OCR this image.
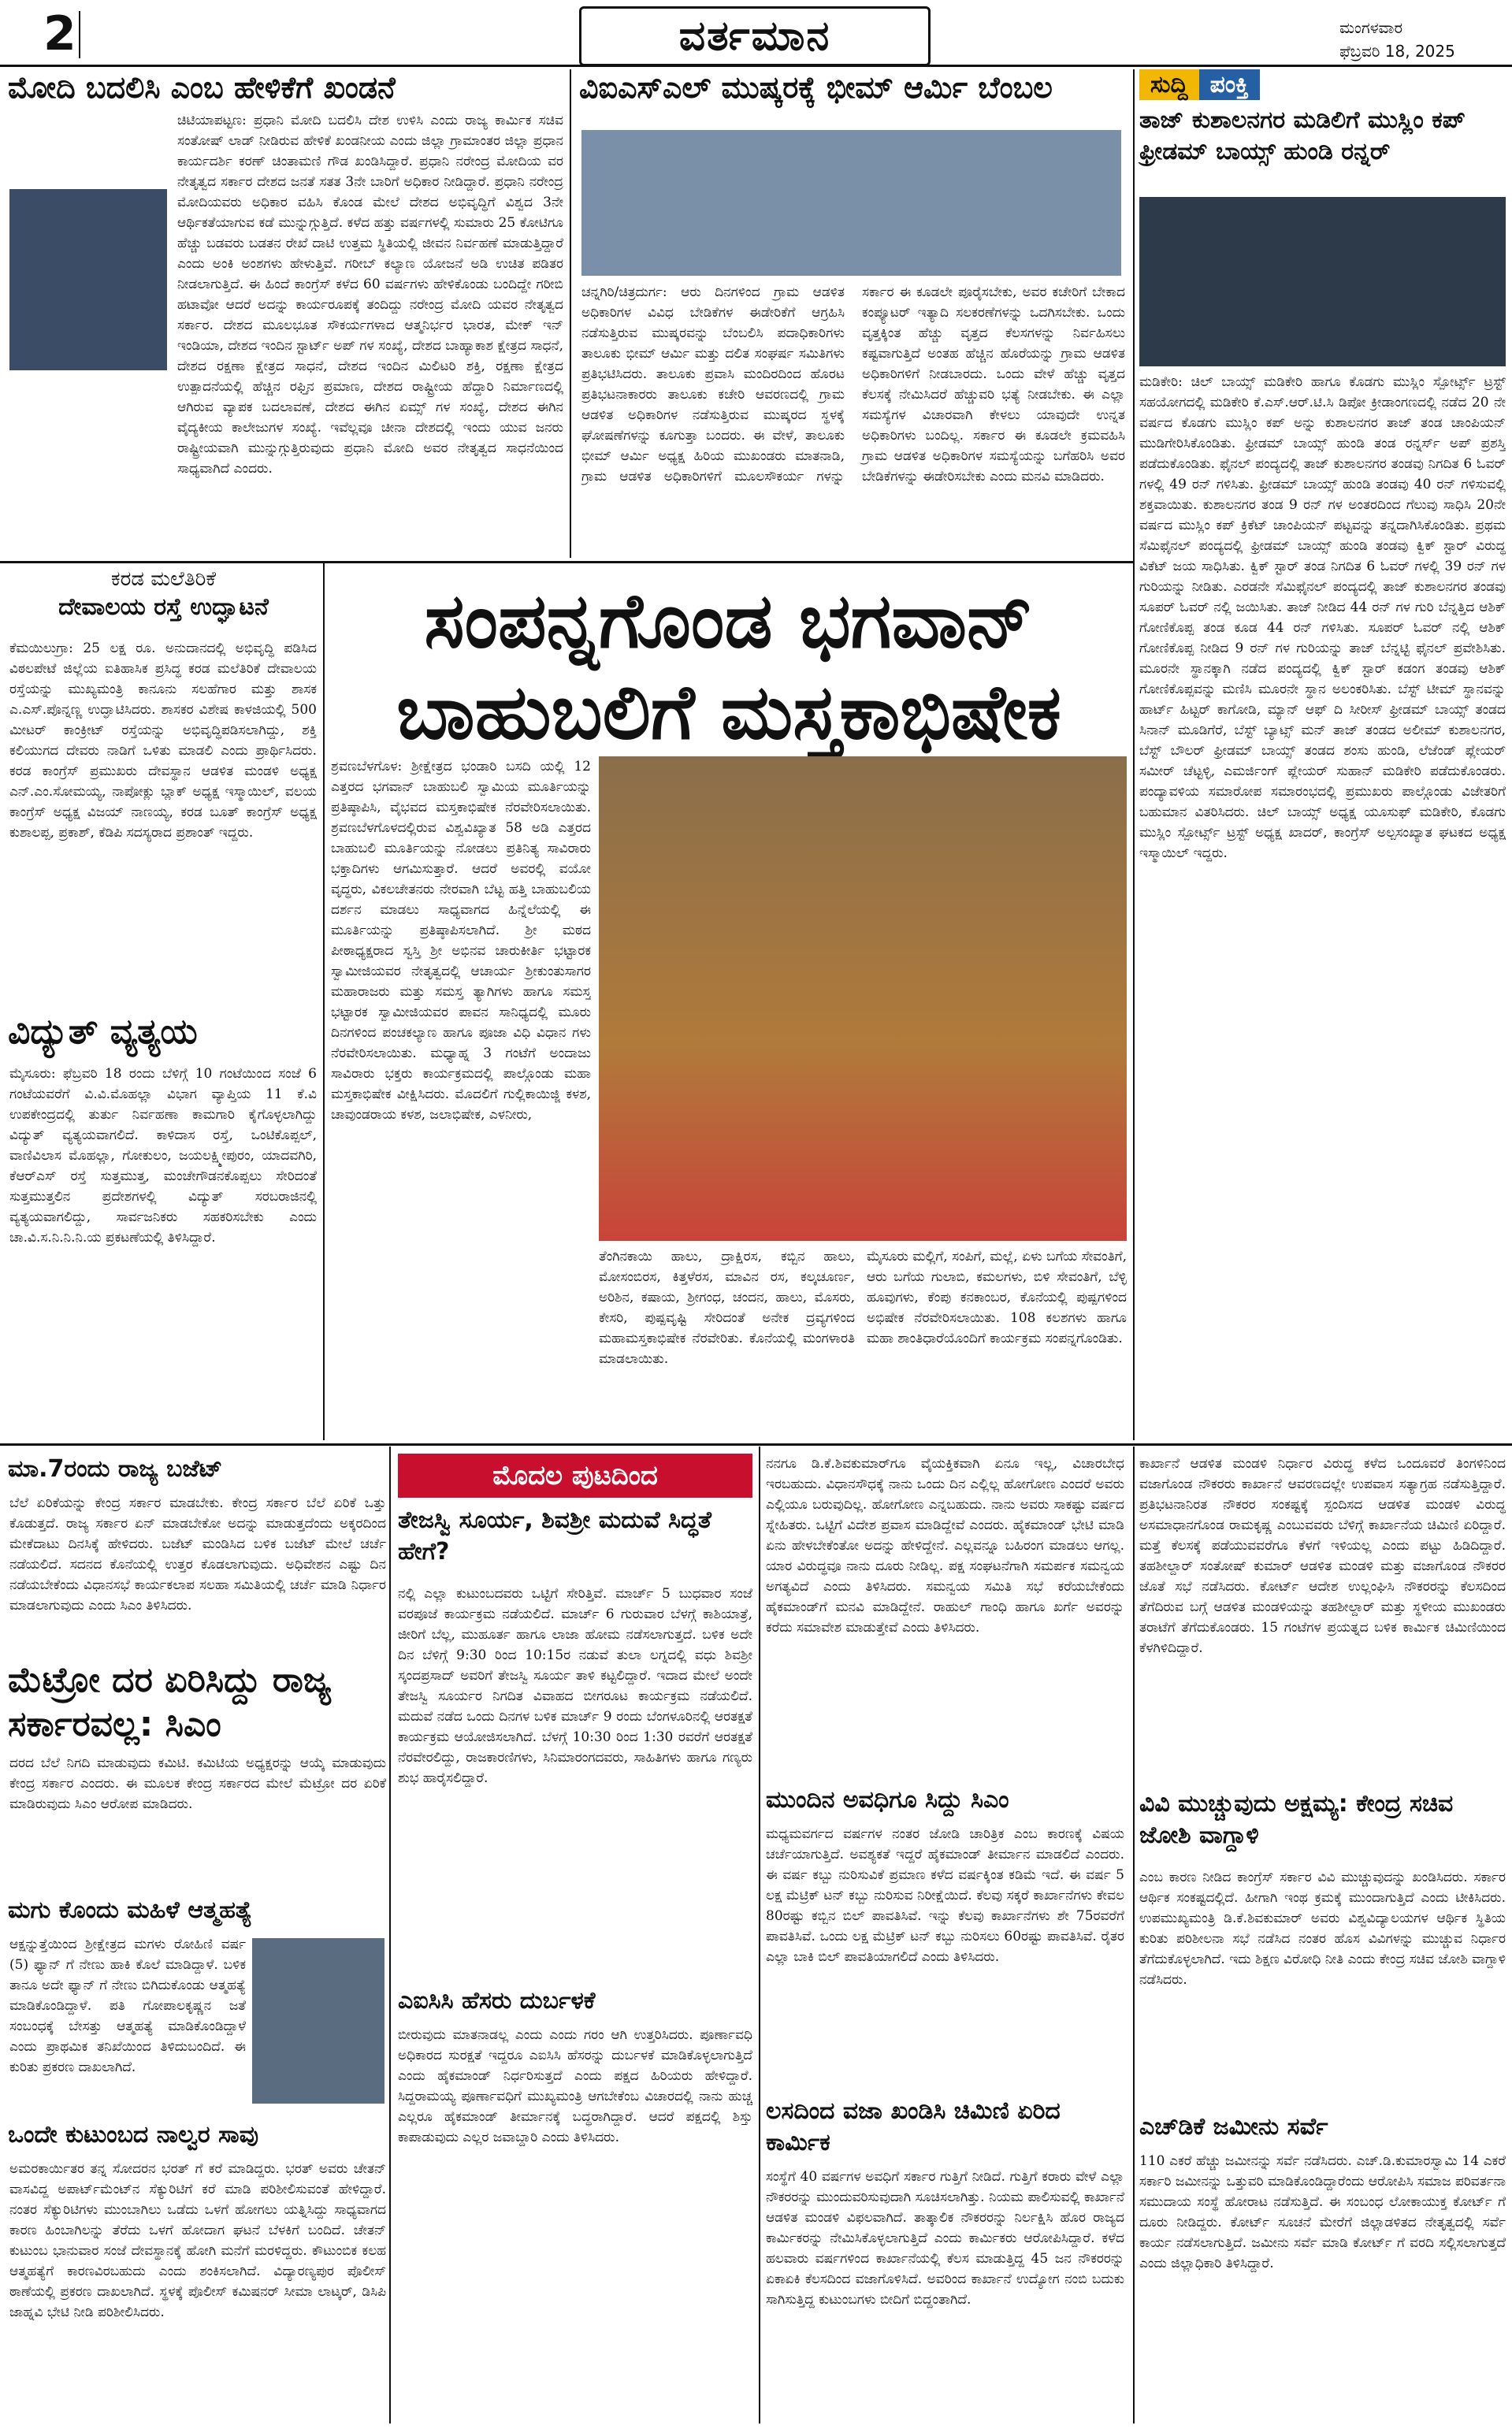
2	ವರ್ತಮಾನ	ಮಂಗಳವಾರ
ಫೆಬ್ರವರಿ 18, 2025
ಮೋದಿ ಬದಲಿಸಿ ಎಂಬ ಹೇಳಿಕೆಗೆ ಖಂಡನೆ
ಚಿಟಿಯಾಪಟ್ಟಣ: ಪ್ರಧಾನಿ ಮೋದಿ ಬದಲಿಸಿ ದೇಶ ಉಳಿಸಿ ಎಂದು ರಾಜ್ಯ ಕಾರ್ಮಿಕ ಸಚಿವ ಸಂತೋಷ್ ಲಾಡ್ ನೀಡಿರುವ ಹೇಳಿಕೆ ಖಂಡನೀಯ ಎಂದು ಜಿಲ್ಲಾ ಗ್ರಾಮಾಂತರ ಜಿಲ್ಲಾ ಪ್ರಧಾನ ಕಾರ್ಯದರ್ಶಿ ಕರಣ್ ಚಿಂತಾಮಣಿ ಗೌಡ ಖಂಡಿಸಿದ್ದಾರೆ. ಪ್ರಧಾನಿ ನರೇಂದ್ರ ಮೋದಿಯ ವರ ನೇತೃತ್ವದ ಸರ್ಕಾರ ದೇಶದ ಜನತೆ ಸತತ 3ನೇ ಬಾರಿಗೆ ಅಧಿಕಾರ ನೀಡಿದ್ದಾರೆ. ಪ್ರಧಾನಿ ನರೇಂದ್ರ ಮೋದಿಯವರು ಅಧಿಕಾರ ವಹಿಸಿ ಕೊಂಡ ಮೇಲೆ ದೇಶದ ಅಭಿವೃದ್ಧಿಗೆ ವಿಶ್ವದ 3ನೇ ಆರ್ಥಿಕತೆಯಾಗುವ ಕಡೆ ಮುನ್ನುಗ್ಗುತ್ತಿದೆ. ಕಳೆದ ಹತ್ತು ವರ್ಷಗಳಲ್ಲಿ ಸುಮಾರು 25 ಕೋಟಿಗೂ ಹೆಚ್ಚು ಬಡವರು ಬಡತನ ರೇಖೆ ದಾಟಿ ಉತ್ತಮ ಸ್ಥಿತಿಯಲ್ಲಿ ಜೀವನ ನಿರ್ವಹಣೆ ಮಾಡುತ್ತಿದ್ದಾರೆ ಎಂದು ಅಂಕಿ ಅಂಶಗಳು ಹೇಳುತ್ತಿವೆ. ಗರೀಬ್ ಕಲ್ಯಾಣ ಯೋಜನೆ ಅಡಿ ಉಚಿತ ಪಡಿತರ ನೀಡಲಾಗುತ್ತಿದೆ. ಈ ಹಿಂದೆ ಕಾಂಗ್ರೆಸ್ ಕಳೆದ 60 ವರ್ಷಗಳು ಹೇಳಿಕೊಂಡು ಬಂದಿದ್ದೇ ಗರೀಬಿ ಹಟಾವೋ ಆದರೆ ಅದನ್ನು ಕಾರ್ಯರೂಪಕ್ಕೆ ತಂದಿದ್ದು ನರೇಂದ್ರ ಮೋದಿ ಯವರ ನೇತೃತ್ವದ ಸರ್ಕಾರ. ದೇಶದ ಮೂಲಭೂತ ಸೌಕರ್ಯಗಳಾದ ಆತ್ಮನಿರ್ಭರ ಭಾರತ, ಮೇಕ್ ಇನ್ ಇಂಡಿಯಾ, ದೇಶದ ಇಂದಿನ ಸ್ಟಾರ್ಟ್ ಅಪ್ ಗಳ ಸಂಖ್ಯೆ, ದೇಶದ ಬಾಹ್ಯಾಕಾಶ ಕ್ಷೇತ್ರದ ಸಾಧನೆ, ದೇಶದ ರಕ್ಷಣಾ ಕ್ಷೇತ್ರದ ಸಾಧನೆ, ದೇಶದ ಇಂದಿನ ಮಿಲಿಟರಿ ಶಕ್ತಿ, ರಕ್ಷಣಾ ಕ್ಷೇತ್ರದ ಉತ್ಪಾದನೆಯಲ್ಲಿ ಹೆಚ್ಚಿನ ರಫ್ತಿನ ಪ್ರಮಾಣ, ದೇಶದ ರಾಷ್ಟ್ರೀಯ ಹೆದ್ದಾರಿ ನಿರ್ಮಾಣದಲ್ಲಿ ಆಗಿರುವ ವ್ಯಾಪಕ ಬದಲಾವಣೆ, ದೇಶದ ಈಗಿನ ಏಮ್ಸ್ ಗಳ ಸಂಖ್ಯೆ, ದೇಶದ ಈಗಿನ ವೈದ್ಯಕೀಯ ಕಾಲೇಜುಗಳ ಸಂಖ್ಯೆ. ಇವೆಲ್ಲವೂ ಚೀನಾ ದೇಶದಲ್ಲಿ ಇಂದು ಯುವ ಜನರು ರಾಷ್ಟ್ರೀಯವಾಗಿ ಮುನ್ನುಗ್ಗುತ್ತಿರುವುದು ಪ್ರಧಾನಿ ಮೋದಿ ಅವರ ನೇತೃತ್ವದ ಸಾಧನೆಯಿಂದ ಸಾಧ್ಯವಾಗಿದೆ ಎಂದರು.
ವಿಐಎಸ್‌ಎಲ್ ಮುಷ್ಕರಕ್ಕೆ ಭೀಮ್ ಆರ್ಮಿ ಬೆಂಬಲ
ಚನ್ನಗಿರಿ/ಚಿತ್ರದುರ್ಗ: ಆರು ದಿನಗಳಿಂದ ಗ್ರಾಮ ಆಡಳಿತ ಅಧಿಕಾರಿಗಳ ವಿವಿಧ ಬೇಡಿಕೆಗಳ ಈಡೇರಿಕೆಗೆ ಆಗ್ರಹಿಸಿ ನಡೆಸುತ್ತಿರುವ ಮುಷ್ಕರವನ್ನು ಬೆಂಬಲಿಸಿ ಪದಾಧಿಕಾರಿಗಳು ತಾಲೂಕು ಭೀಮ್ ಆರ್ಮಿ ಮತ್ತು ದಲಿತ ಸಂಘರ್ಷ ಸಮಿತಿಗಳು ಪ್ರತಿಭಟಿಸಿದರು. ತಾಲೂಕು ಪ್ರವಾಸಿ ಮಂದಿರದಿಂದ ಹೊರಟ ಪ್ರತಿಭಟನಾಕಾರರು ತಾಲೂಕು ಕಚೇರಿ ಆವರಣದಲ್ಲಿ ಗ್ರಾಮ ಆಡಳಿತ ಅಧಿಕಾರಿಗಳ ನಡೆಸುತ್ತಿರುವ ಮುಷ್ಕರದ ಸ್ಥಳಕ್ಕೆ ಘೋಷಣೆಗಳನ್ನು ಕೂಗುತ್ತಾ ಬಂದರು. ಈ ವೇಳೆ, ತಾಲೂಕು ಭೀಮ್ ಆರ್ಮಿ ಅಧ್ಯಕ್ಷ ಹಿರಿಯ ಮುಖಂಡರು ಮಾತನಾಡಿ, ಗ್ರಾಮ ಆಡಳಿತ ಅಧಿಕಾರಿಗಳಿಗೆ ಮೂಲಸೌಕರ್ಯ ಗಳನ್ನು ಸರ್ಕಾರ ಈ ಕೂಡಲೇ ಪೂರೈಸಬೇಕು, ಅವರ ಕಚೇರಿಗೆ ಬೇಕಾದ ಕಂಪ್ಯೂಟರ್ ಇತ್ಯಾದಿ ಸಲಕರಣೆಗಳನ್ನು ಒದಗಿಸಬೇಕು. ಒಂದು ವೃತ್ತಕ್ಕಿಂತ ಹೆಚ್ಚು ವೃತ್ತದ ಕೆಲಸಗಳನ್ನು ನಿರ್ವಹಿಸಲು ಕಷ್ಟವಾಗುತ್ತಿದೆ ಅಂತಹ ಹೆಚ್ಚಿನ ಹೊರೆಯನ್ನು ಗ್ರಾಮ ಆಡಳಿತ ಅಧಿಕಾರಿಗಳಿಗೆ ನೀಡಬಾರದು. ಒಂದು ವೇಳೆ ಹೆಚ್ಚು ವೃತ್ತದ ಕೆಲಸಕ್ಕೆ ನೇಮಿಸಿದರೆ ಹೆಚ್ಚುವರಿ ಭತ್ಯೆ ನೀಡಬೇಕು. ಈ ಎಲ್ಲಾ ಸಮಸ್ಯೆಗಳ ವಿಚಾರವಾಗಿ ಕೇಳಲು ಯಾವುದೇ ಉನ್ನತ ಅಧಿಕಾರಿಗಳು ಬಂದಿಲ್ಲ. ಸರ್ಕಾರ ಈ ಕೂಡಲೇ ಕ್ರಮವಹಿಸಿ ಗ್ರಾಮ ಆಡಳಿತ ಅಧಿಕಾರಿಗಳ ಸಮಸ್ಯೆಯನ್ನು ಬಗೆಹರಿಸಿ ಅವರ ಬೇಡಿಕೆಗಳನ್ನು ಈಡೇರಿಸಬೇಕು ಎಂದು ಮನವಿ ಮಾಡಿದರು.
ಸುದ್ದಿ ಪಂಕ್ತಿ
ತಾಜ್ ಕುಶಾಲನಗರ ಮಡಿಲಿಗೆ ಮುಸ್ಲಿಂ ಕಪ್ ಫ್ರೀಡಮ್ ಬಾಯ್ಸ್ ಹುಂಡಿ ರನ್ನರ್
ಮಡಿಕೇರಿ: ಚಿಲ್ ಬಾಯ್ಸ್ ಮಡಿಕೇರಿ ಹಾಗೂ ಕೊಡಗು ಮುಸ್ಲಿಂ ಸ್ಪೋರ್ಟ್ಸ್ ಟ್ರಸ್ಟ್ ಸಹಯೋಗದಲ್ಲಿ ಮಡಿಕೇರಿ ಕೆ.ಎಸ್.ಆರ್.ಟಿ.ಸಿ ಡಿಪೋ ಕ್ರೀಡಾಂಗಣದಲ್ಲಿ ನಡೆದ 20 ನೇ ವರ್ಷದ ಕೊಡಗು ಮುಸ್ಲಿಂ ಕಪ್ ಅನ್ನು ಕುಶಾಲನಗರ ತಾಜ್ ತಂಡ ಚಾಂಪಿಯನ್ ಮುಡಿಗೇರಿಸಿಕೊಂಡಿತು. ಫ್ರೀಡಮ್ ಬಾಯ್ಸ್ ಹುಂಡಿ ತಂಡ ರನ್ನರ್ಸ್ ಅಪ್ ಪ್ರಶಸ್ತಿ ಪಡೆದುಕೊಂಡಿತು. ಫೈನಲ್ ಪಂದ್ಯದಲ್ಲಿ ತಾಜ್ ಕುಶಾಲನಗರ ತಂಡವು ನಿಗದಿತ 6 ಓವರ್ ಗಳಲ್ಲಿ 49 ರನ್ ಗಳಿಸಿತು. ಫ್ರೀಡಮ್ ಬಾಯ್ಸ್ ಹುಂಡಿ ತಂಡವು 40 ರನ್ ಗಳಿಸುವಲ್ಲಿ ಶಕ್ತವಾಯಿತು. ಕುಶಾಲನಗರ ತಂಡ 9 ರನ್ ಗಳ ಅಂತರದಿಂದ ಗೆಲುವು ಸಾಧಿಸಿ 20ನೇ ವರ್ಷದ ಮುಸ್ಲಿಂ ಕಪ್ ಕ್ರಿಕೆಟ್ ಚಾಂಪಿಯನ್ ಪಟ್ಟವನ್ನು ತನ್ನದಾಗಿಸಿಕೊಂಡಿತು. ಪ್ರಥಮ ಸೆಮಿಫೈನಲ್ ಪಂದ್ಯದಲ್ಲಿ ಫ್ರೀಡಮ್ ಬಾಯ್ಸ್ ಹುಂಡಿ ತಂಡವು ಕ್ವಿಕ್ ಸ್ಟಾರ್ ವಿರುದ್ಧ ವಿಕೆಟ್ ಜಯ ಸಾಧಿಸಿತು. ಕ್ವಿಕ್ ಸ್ಟಾರ್ ತಂಡ ನಿಗದಿತ 6 ಓವರ್ ಗಳಲ್ಲಿ 39 ರನ್ ಗಳ ಗುರಿಯನ್ನು ನೀಡಿತು. ಎರಡನೇ ಸೆಮಿಫೈನಲ್ ಪಂದ್ಯದಲ್ಲಿ ತಾಜ್ ಕುಶಾಲನಗರ ತಂಡವು ಸೂಪರ್ ಓವರ್ ನಲ್ಲಿ ಜಯಿಸಿತು. ತಾಜ್ ನೀಡಿದ 44 ರನ್ ಗಳ ಗುರಿ ಬೆನ್ನತ್ತಿದ ಆಶಿಕ್ ಗೋಣಿಕೊಪ್ಪ ತಂಡ ಕೂಡ 44 ರನ್ ಗಳಿಸಿತು. ಸೂಪರ್ ಓವರ್ ನಲ್ಲಿ ಆಶಿಕ್ ಗೋಣಿಕೊಪ್ಪ ನೀಡಿದ 9 ರನ್ ಗಳ ಗುರಿಯನ್ನು ತಾಜ್ ಬೆನ್ನಟ್ಟಿ ಫೈನಲ್ ಪ್ರವೇಶಿಸಿತು. ಮೂರನೇ ಸ್ಥಾನಕ್ಕಾಗಿ ನಡೆದ ಪಂದ್ಯದಲ್ಲಿ ಕ್ವಿಕ್ ಸ್ಟಾರ್ ಕಡಂಗ ತಂಡವು ಆಶಿಕ್ ಗೋಣಿಕೊಪ್ಪವನ್ನು ಮಣಿಸಿ ಮೂರನೇ ಸ್ಥಾನ ಅಲಂಕರಿಸಿತು. ಬೆಸ್ಟ್ ಟೀಮ್ ಸ್ಥಾನವನ್ನು ಹಾರ್ಟ್ ಹಿಟ್ಟರ್ ಕಾಗೋಡಿ, ಮ್ಯಾನ್ ಆಫ್ ದಿ ಸೀರೀಸ್ ಫ್ರೀಡಮ್ ಬಾಯ್ಸ್ ತಂಡದ ಸಿನಾನ್ ಮೂಡಿಗೆರೆ, ಬೆಸ್ಟ್ ಬ್ಯಾಟ್ಸ್ ಮನ್ ತಾಜ್ ತಂಡದ ಅಲೀಮ್ ಕುಶಾಲನಗರ, ಬೆಸ್ಟ್ ಬೌಲರ್ ಫ್ರೀಡಮ್ ಬಾಯ್ಸ್ ತಂಡದ ಶಂಸು ಹುಂಡಿ, ಲೆಜೆಂಡ್ ಪ್ಲೇಯರ್ ಸಮೀರ್ ಚೆಟ್ಟಳ್ಳಿ, ಎಮರ್ಜಿಂಗ್ ಪ್ಲೇಯರ್ ಸುಹಾನ್ ಮಡಿಕೇರಿ ಪಡೆದುಕೊಂಡರು. ಪಂದ್ಯಾವಳಿಯ ಸಮಾರೋಪ ಸಮಾರಂಭದಲ್ಲಿ ಪ್ರಮುಖರು ಪಾಲ್ಗೊಂಡು ವಿಜೇತರಿಗೆ ಬಹುಮಾನ ವಿತರಿಸಿದರು. ಚಿಲ್ ಬಾಯ್ಸ್ ಅಧ್ಯಕ್ಷ ಯೂಸುಫ್ ಮಡಿಕೇರಿ, ಕೊಡಗು ಮುಸ್ಲಿಂ ಸ್ಪೋರ್ಟ್ಸ್ ಟ್ರಸ್ಟ್ ಅಧ್ಯಕ್ಷ ಖಾದರ್, ಕಾಂಗ್ರೆಸ್ ಅಲ್ಪಸಂಖ್ಯಾತ ಘಟಕದ ಅಧ್ಯಕ್ಷ ಇಸ್ಮಾಯಿಲ್ ಇದ್ದರು.
ಕರಡ ಮಲೆತಿರಿಕೆ
ದೇವಾಲಯ ರಸ್ತೆ ಉದ್ಘಾಟನೆ
ಕೆಮಯಿಲುಗ್ರಾ: 25 ಲಕ್ಷ ರೂ. ಅನುದಾನದಲ್ಲಿ ಅಭಿವೃದ್ಧಿ ಪಡಿಸಿದ ವಿಠಲಪೇಟೆ ಜಿಲ್ಲೆಯ ಐತಿಹಾಸಿಕ ಪ್ರಸಿದ್ಧ ಕರಡ ಮಲೆತಿರಿಕೆ ದೇವಾಲಯ ರಸ್ತೆಯನ್ನು ಮುಖ್ಯಮಂತ್ರಿ ಕಾನೂನು ಸಲಹೆಗಾರ ಮತ್ತು ಶಾಸಕ ಎ.ಎಸ್.ಪೊನ್ನಣ್ಣ ಉದ್ಘಾಟಿಸಿದರು. ಶಾಸಕರ ವಿಶೇಷ ಕಾಳಜಿಯಲ್ಲಿ 500 ಮೀಟರ್ ಕಾಂಕ್ರೀಟ್ ರಸ್ತೆಯನ್ನು ಅಭಿವೃದ್ಧಿಪಡಿಸಲಾಗಿದ್ದು, ಶಕ್ತಿ ಕಲಿಯುಗದ ದೇವರು ನಾಡಿಗೆ ಒಳಿತು ಮಾಡಲಿ ಎಂದು ಪ್ರಾರ್ಥಿಸಿದರು. ಕರಡ ಕಾಂಗ್ರೆಸ್ ಪ್ರಮುಖರು ದೇವಸ್ಥಾನ ಆಡಳಿತ ಮಂಡಳಿ ಅಧ್ಯಕ್ಷ ಎನ್.ಎಂ.ಸೋಮಯ್ಯ, ನಾಪೋಕ್ಲು ಬ್ಲಾಕ್ ಅಧ್ಯಕ್ಷ ಇಸ್ಮಾಯಿಲ್, ವಲಯ ಕಾಂಗ್ರೆಸ್ ಅಧ್ಯಕ್ಷ ವಿಜಯ್ ನಾಣಯ್ಯ, ಕರಡ ಬೂತ್ ಕಾಂಗ್ರೆಸ್ ಅಧ್ಯಕ್ಷ ಕುಶಾಲಪ್ಪ, ಪ್ರಕಾಶ್, ಕೆಡಿಪಿ ಸದಸ್ಯರಾದ ಪ್ರಶಾಂತ್ ಇದ್ದರು.
ವಿದ್ಯುತ್ ವ್ಯತ್ಯಯ
ಮೈಸೂರು: ಫೆಬ್ರವರಿ 18 ರಂದು ಬೆಳಿಗ್ಗೆ 10 ಗಂಟೆಯಿಂದ ಸಂಜೆ 6 ಗಂಟೆಯವರೆಗೆ ವಿ.ವಿ.ಮೊಹಲ್ಲಾ ವಿಭಾಗ ವ್ಯಾಪ್ತಿಯ 11 ಕೆ.ವಿ ಉಪಕೇಂದ್ರದಲ್ಲಿ ತುರ್ತು ನಿರ್ವಹಣಾ ಕಾಮಗಾರಿ ಕೈಗೊಳ್ಳಲಾಗಿದ್ದು ವಿದ್ಯುತ್ ವ್ಯತ್ಯಯವಾಗಲಿದೆ. ಕಾಳಿದಾಸ ರಸ್ತೆ, ಒಂಟಿಕೊಪ್ಪಲ್, ವಾಣಿವಿಲಾಸ ಮೊಹಲ್ಲಾ, ಗೋಕುಲಂ, ಜಯಲಕ್ಷ್ಮೀಪುರಂ, ಯಾದವಗಿರಿ, ಕೆಆರ್‌ಎಸ್ ರಸ್ತೆ ಸುತ್ತಮುತ್ತ, ಮಂಚೇಗೌಡನಕೊಪ್ಪಲು ಸೇರಿದಂತೆ ಸುತ್ತಮುತ್ತಲಿನ ಪ್ರದೇಶಗಳಲ್ಲಿ ವಿದ್ಯುತ್ ಸರಬರಾಜಿನಲ್ಲಿ ವ್ಯತ್ಯಯವಾಗಲಿದ್ದು, ಸಾರ್ವಜನಿಕರು ಸಹಕರಿಸಬೇಕು ಎಂದು ಚಾ.ವಿ.ಸ.ನಿ.ನಿ.ನಿ.ಯ ಪ್ರಕಟಣೆಯಲ್ಲಿ ತಿಳಿಸಿದ್ದಾರೆ.
ಸಂಪನ್ನಗೊಂಡ ಭಗವಾನ್ ಬಾಹುಬಲಿಗೆ ಮಸ್ತಕಾಭಿಷೇಕ
ಶ್ರವಣಬೆಳಗೊಳ: ಶ್ರೀಕ್ಷೇತ್ರದ ಭಂಡಾರಿ ಬಸದಿ ಯಲ್ಲಿ 12 ಎತ್ತರದ ಭಗವಾನ್ ಬಾಹುಬಲಿ ಸ್ವಾಮಿಯ ಮೂರ್ತಿಯನ್ನು ಪ್ರತಿಷ್ಠಾಪಿಸಿ, ವೈಭವದ ಮಸ್ತಕಾಭಿಷೇಕ ನೆರವೇರಿಸಲಾಯಿತು. ಶ್ರವಣಬೆಳಗೊಳದಲ್ಲಿರುವ ವಿಶ್ವವಿಖ್ಯಾತ 58 ಅಡಿ ಎತ್ತರದ ಬಾಹುಬಲಿ ಮೂರ್ತಿಯನ್ನು ನೋಡಲು ಪ್ರತಿನಿತ್ಯ ಸಾವಿರಾರು ಭಕ್ತಾದಿಗಳು ಆಗಮಿಸುತ್ತಾರೆ. ಆದರೆ ಅವರಲ್ಲಿ ವಯೋ ವೃದ್ಧರು, ವಿಕಲಚೇತನರು ನೇರವಾಗಿ ಬೆಟ್ಟ ಹತ್ತಿ ಬಾಹುಬಲಿಯ ದರ್ಶನ ಮಾಡಲು ಸಾಧ್ಯವಾಗದ ಹಿನ್ನೆಲೆಯಲ್ಲಿ ಈ ಮೂರ್ತಿಯನ್ನು ಪ್ರತಿಷ್ಠಾಪಿಸಲಾಗಿದೆ. ಶ್ರೀ ಮಠದ ಪೀಠಾಧ್ಯಕ್ಷರಾದ ಸ್ವಸ್ತಿ ಶ್ರೀ ಅಭಿನವ ಚಾರುಕೀರ್ತಿ ಭಟ್ಟಾರಕ ಸ್ವಾಮೀಜಿಯವರ ನೇತೃತ್ವದಲ್ಲಿ ಆಚಾರ್ಯ ಶ್ರೀಕುಂತುಸಾಗರ ಮಹಾರಾಜರು ಮತ್ತು ಸಮಸ್ತ ತ್ಯಾಗಿಗಳು ಹಾಗೂ ಸಮಸ್ತ ಭಟ್ಟಾರಕ ಸ್ವಾಮೀಜಿಯವರ ಪಾವನ ಸಾನಿಧ್ಯದಲ್ಲಿ ಮೂರು ದಿನಗಳಿಂದ ಪಂಚಕಲ್ಯಾಣ ಹಾಗೂ ಪೂಜಾ ವಿಧಿ ವಿಧಾನ ಗಳು ನೆರವೇರಿಸಲಾಯಿತು. ಮಧ್ಯಾಹ್ನ 3 ಗಂಟೆಗೆ ಅಂದಾಜು ಸಾವಿರಾರು ಭಕ್ತರು ಕಾರ್ಯಕ್ರಮದಲ್ಲಿ ಪಾಲ್ಗೊಂಡು ಮಹಾ ಮಸ್ತಕಾಭಿಷೇಕ ವೀಕ್ಷಿಸಿದರು. ಮೊದಲಿಗೆ ಗುಲ್ಲಿಕಾಯಿಜ್ಜಿ ಕಳಶ, ಚಾವುಂಡರಾಯ ಕಳಶ, ಜಲಾಭಿಷೇಕ, ಎಳನೀರು,
ತೆಂಗಿನಕಾಯಿ ಹಾಲು, ದ್ರಾಕ್ಷಿರಸ, ಕಬ್ಬಿನ ಹಾಲು, ಮೋಸಂಬಿರಸ, ಕಿತ್ತಳೆರಸ, ಮಾವಿನ ರಸ, ಕಲ್ಕಚೂರ್ಣ, ಅರಿಶಿನ, ಕಷಾಯ, ಶ್ರೀಗಂಧ, ಚಂದನ, ಹಾಲು, ಮೊಸರು, ಕೇಸರಿ, ಪುಷ್ಪವೃಷ್ಟಿ ಸೇರಿದಂತೆ ಅನೇಕ ದ್ರವ್ಯಗಳಿಂದ ಮಹಾಮಸ್ತಕಾಭಿಷೇಕ ನೆರವೇರಿತು. ಕೊನೆಯಲ್ಲಿ ಮಂಗಳಾರತಿ ಮಾಡಲಾಯಿತು.
ಮೈಸೂರು ಮಲ್ಲಿಗೆ, ಸಂಪಿಗೆ, ಮಲ್ಲೆ, ಏಳು ಬಗೆಯ ಸೇವಂತಿಗೆ, ಆರು ಬಗೆಯ ಗುಲಾಬಿ, ಕಮಲಗಳು, ಬಿಳಿ ಸೇವಂತಿಗೆ, ಬೆಳ್ಳಿ ಹೂವುಗಳು, ಕೆಂಪು ಕನಕಾಂಬರ, ಕೊನೆಯಲ್ಲಿ ಪುಷ್ಪಗಳಿಂದ ಅಭಿಷೇಕ ನೆರವೇರಿಸಲಾಯಿತು. 108 ಕಲಶಗಳು ಹಾಗೂ ಮಹಾ ಶಾಂತಿಧಾರೆಯೊಂದಿಗೆ ಕಾರ್ಯಕ್ರಮ ಸಂಪನ್ನಗೊಂಡಿತು.
ಮಾ.7ರಂದು ರಾಜ್ಯ ಬಜೆಟ್
ಬೆಲೆ ಏರಿಕೆಯನ್ನು ಕೇಂದ್ರ ಸರ್ಕಾರ ಮಾಡಬೇಕು. ಕೇಂದ್ರ ಸರ್ಕಾರ ಬೆಲೆ ಏರಿಕೆ ಒತ್ತು ಕೊಡುತ್ತದೆ. ರಾಜ್ಯ ಸರ್ಕಾರ ಏನ್ ಮಾಡಬೇಕೋ ಅದನ್ನು ಮಾಡುತ್ತದೆಂದು ಅಕ್ಕರದಿಂದ ಮೇಕೆದಾಟು ದಿನಸಿಕ್ಕೆ ಹೇಳಿದರು. ಬಜೆಟ್ ಮಂಡಿಸಿದ ಬಳಿಕ ಬಜೆಟ್ ಮೇಲೆ ಚರ್ಚೆ ನಡೆಯಲಿದೆ. ಸದನದ ಕೊನೆಯಲ್ಲಿ ಉತ್ತರ ಕೊಡಲಾಗುವುದು. ಅಧಿವೇಶನ ಎಷ್ಟು ದಿನ ನಡೆಯಬೇಕೆಂದು ವಿಧಾನಸಭೆ ಕಾರ್ಯಕಲಾಪ ಸಲಹಾ ಸಮಿತಿಯಲ್ಲಿ ಚರ್ಚೆ ಮಾಡಿ ನಿರ್ಧಾರ ಮಾಡಲಾಗುವುದು ಎಂದು ಸಿಎಂ ತಿಳಿಸಿದರು.
ಮೆಟ್ರೋ ದರ ಏರಿಸಿದ್ದು ರಾಜ್ಯ ಸರ್ಕಾರವಲ್ಲ: ಸಿಎಂ
ದರದ ಬೆಲೆ ನಿಗದಿ ಮಾಡುವುದು ಕಮಿಟಿ. ಕಮಿಟಿಯ ಅಧ್ಯಕ್ಷರನ್ನು ಆಯ್ಕೆ ಮಾಡುವುದು ಕೇಂದ್ರ ಸರ್ಕಾರ ಎಂದರು. ಈ ಮೂಲಕ ಕೇಂದ್ರ ಸರ್ಕಾರದ ಮೇಲೆ ಮೆಟ್ರೋ ದರ ಏರಿಕೆ ಮಾಡಿರುವುದು ಸಿಎಂ ಆರೋಪ ಮಾಡಿದರು.
ಮಗು ಕೊಂದು ಮಹಿಳೆ ಆತ್ಮಹತ್ಯೆ
ಆಕ್ಷನ್ನುತ್ತೆಯಿಂದ ಶ್ರೀಕ್ಷೇತ್ರದ ಮಗಳು ರೋಹಿಣಿ ವರ್ಷ (5) ಫ್ಯಾನ್ ಗೆ ನೇಣು ಹಾಕಿ ಕೊಲೆ ಮಾಡಿದ್ದಾಳೆ. ಬಳಿಕ ತಾನೂ ಅದೇ ಫ್ಯಾನ್ ಗೆ ನೇಣು ಬಿಗಿದುಕೊಂಡು ಆತ್ಮಹತ್ಯೆ ಮಾಡಿಕೊಂಡಿದ್ದಾಳೆ. ಪತಿ ಗೋಪಾಲಕೃಷ್ಣನ ಜತೆ ಸಂಬಂಧಕ್ಕೆ ಬೇಸತ್ತು ಆತ್ಮಹತ್ಯೆ ಮಾಡಿಕೊಂಡಿದ್ದಾಳೆ ಎಂದು ಪ್ರಾಥಮಿಕ ತನಿಖೆಯಿಂದ ತಿಳಿದುಬಂದಿದೆ. ಈ ಕುರಿತು ಪ್ರಕರಣ ದಾಖಲಾಗಿದೆ.
ಒಂದೇ ಕುಟುಂಬದ ನಾಲ್ವರ ಸಾವು
ಅಮರಕಾರ್ಯಿತರ ತನ್ನ ಸೋದರನ ಭರತ್ ಗೆ ಕರೆ ಮಾಡಿದ್ದರು. ಭರತ್ ಅವರು ಚೇತನ್ ವಾಸವಿದ್ದ ಅಪಾರ್ಟ್‌ಮೆಂಟ್‌ನ ಸೆಕ್ಯುರಿಟಿಗೆ ಕರೆ ಮಾಡಿ ಪರಿಶೀಲಿಸುವಂತೆ ಹೇಳಿದ್ದಾರೆ. ನಂತರ ಸೆಕ್ಯುರಿಟಿಗಳು ಮುಂಬಾಗಿಲು ಒಡೆದು ಒಳಗೆ ಹೋಗಲು ಯತ್ನಿಸಿದ್ದು ಸಾಧ್ಯವಾಗದ ಕಾರಣ ಹಿಂಬಾಗಿಲನ್ನು ತೆರೆದು ಒಳಗೆ ಹೋದಾಗ ಘಟನೆ ಬೆಳಕಿಗೆ ಬಂದಿದೆ. ಚೇತನ್ ಕುಟುಂಬ ಭಾನುವಾರ ಸಂಜೆ ದೇವಸ್ಥಾನಕ್ಕೆ ಹೋಗಿ ಮನೆಗೆ ಮರಳಿದ್ದರು. ಕೌಟುಂಬಿಕ ಕಲಹ ಆತ್ಮಹತ್ಯೆಗೆ ಕಾರಣವಿರಬಹುದು ಎಂದು ಶಂಕಿಸಲಾಗಿದೆ. ವಿದ್ಯಾರಣ್ಯಪುರ ಪೊಲೀಸ್ ಠಾಣೆಯಲ್ಲಿ ಪ್ರಕರಣ ದಾಖಲಾಗಿದೆ. ಸ್ಥಳಕ್ಕೆ ಪೊಲೀಸ್ ಕಮಿಷನರ್ ಸೀಮಾ ಲಾಟ್ಕರ್, ಡಿಸಿಪಿ ಜಾಹ್ನವಿ ಭೇಟಿ ನೀಡಿ ಪರಿಶೀಲಿಸಿದರು.
ಮೊದಲ ಪುಟದಿಂದ
ತೇಜಸ್ವಿ ಸೂರ್ಯ, ಶಿವಶ್ರೀ ಮದುವೆ ಸಿದ್ಧತೆ ಹೇಗೆ?
ನಲ್ಲಿ ಎಲ್ಲಾ ಕುಟುಂಬದವರು ಒಟ್ಟಿಗೆ ಸೇರಿತ್ತಿವೆ. ಮಾರ್ಚ್ 5 ಬುಧವಾರ ಸಂಜೆ ವರಪೂಜೆ ಕಾರ್ಯಕ್ರಮ ನಡೆಯಲಿದೆ. ಮಾರ್ಚ್ 6 ಗುರುವಾರ ಬೆಳಗ್ಗೆ ಕಾಶಿಯಾತ್ರೆ, ಜೀರಿಗೆ ಬೆಲ್ಲ, ಮುಹೂರ್ತ ಹಾಗೂ ಲಾಜಾ ಹೋಮ ನಡೆಸಲಾಗುತ್ತದೆ. ಬಳಿಕ ಅದೇ ದಿನ ಬೆಳಿಗ್ಗೆ 9:30 ರಿಂದ 10:15ರ ನಡುವೆ ತುಲಾ ಲಗ್ನದಲ್ಲಿ ವಧು ಶಿವಶ್ರೀ ಸ್ಕಂದಪ್ರಸಾದ್‌ ಅವರಿಗೆ ತೇಜಸ್ವಿ ಸೂರ್ಯ ತಾಳಿ ಕಟ್ಟಲಿದ್ದಾರೆ. ಇದಾದ ಮೇಲೆ ಅಂದೇ ತೇಜಸ್ವಿ ಸೂರ್ಯರ ನಿಗದಿತ ವಿವಾಹದ ಬೀಗರೂಟ ಕಾರ್ಯಕ್ರಮ ನಡೆಯಲಿದೆ. ಮದುವೆ ನಡೆದ ಒಂದು ದಿನಗಳ ಬಳಿಕ ಮಾರ್ಚ್ 9 ರಂದು ಬೆಂಗಳೂರಿನಲ್ಲಿ ಆರತಕ್ಷತೆ ಕಾರ್ಯಕ್ರಮ ಆಯೋಜಿಸಲಾಗಿದೆ. ಬೆಳಗ್ಗೆ 10:30 ರಿಂದ 1:30 ರವರೆಗೆ ಆರತಕ್ಷತೆ ನೆರವೇರಲಿದ್ದು, ರಾಜಕಾರಣಿಗಳು, ಸಿನಿಮಾರಂಗದವರು, ಸಾಹಿತಿಗಳು ಹಾಗೂ ಗಣ್ಯರು ಶುಭ ಹಾರೈಸಲಿದ್ದಾರೆ.
ಎಐಸಿಸಿ ಹೆಸರು ದುರ್ಬಳಕೆ
ಬೀರುವುದು ಮಾತನಾಡಲ್ಲ ಎಂದು ಎಂದು ಗರಂ ಆಗಿ ಉತ್ತರಿಸಿದರು. ಪೂರ್ಣಾವಧಿ ಅಧಿಕಾರದ ಸುರಕ್ಷತೆ ಇದ್ದರೂ ಎಐಸಿಸಿ ಹೆಸರನ್ನು ದುರ್ಬಳಕೆ ಮಾಡಿಕೊಳ್ಳಲಾಗುತ್ತಿದೆ ಎಂದು ಹೈಕಮಾಂಡ್ ನಿರ್ಧರಿಸುತ್ತದೆ ಎಂದು ಪಕ್ಷದ ಹಿರಿಯರು ಹೇಳಿದ್ದಾರೆ. ಸಿದ್ದರಾಮಯ್ಯ ಪೂರ್ಣಾವಧಿಗೆ ಮುಖ್ಯಮಂತ್ರಿ ಆಗಬೇಕೆಂಬ ವಿಚಾರದಲ್ಲಿ ನಾನು ಹುಚ್ಚ ಎಲ್ಲರೂ ಹೈಕಮಾಂಡ್ ತೀರ್ಮಾನಕ್ಕೆ ಬದ್ಧರಾಗಿದ್ದಾರೆ. ಆದರೆ ಪಕ್ಷದಲ್ಲಿ ಶಿಸ್ತು ಕಾಪಾಡುವುದು ಎಲ್ಲರ ಜವಾಬ್ದಾರಿ ಎಂದು ತಿಳಿಸಿದರು.
ನನಗೂ ಡಿ.ಕೆ.ಶಿವಕುಮಾರ್‌ಗೂ ವೈಯಕ್ತಿಕವಾಗಿ ಏನೂ ಇಲ್ಲ, ವಿಚಾರಬೇಧ ಇರಬಹುದು. ವಿಧಾನಸೌಧಕ್ಕೆ ನಾನು ಒಂದು ದಿನ ಎಲ್ಲಿಲ್ಲ ಹೋಗೋಣ ಎಂದರೆ ಅವರು ಎಲ್ಲಿಯೂ ಬರುವುದಿಲ್ಲ. ಹೋಗೋಣ ಎನ್ನಬಹುದು. ನಾನು ಅವರು ಸಾಕಷ್ಟು ವರ್ಷದ ಸ್ನೇಹಿತರು. ಒಟ್ಟಿಗೆ ವಿದೇಶ ಪ್ರವಾಸ ಮಾಡಿದ್ದೇವೆ ಎಂದರು. ಹೈಕಮಾಂಡ್ ಭೇಟಿ ಮಾಡಿ ಏನು ಹೇಳಬೇಕೆಂತೋ ಅದನ್ನು ಹೇಳಿದ್ದೇನೆ. ಎಲ್ಲವನ್ನೂ ಬಹಿರಂಗ ಮಾಡಲು ಆಗಲ್ಲ. ಯಾರ ವಿರುದ್ಧವೂ ನಾನು ದೂರು ನೀಡಿಲ್ಲ. ಪಕ್ಷ ಸಂಘಟನೆಗಾಗಿ ಸಮರ್ಪಕ ಸಮನ್ವಯ ಅಗತ್ಯವಿದೆ ಎಂದು ತಿಳಿಸಿದರು. ಸಮನ್ವಯ ಸಮಿತಿ ಸಭೆ ಕರೆಯಬೇಕೆಂದು ಹೈಕಮಾಂಡ್‌ಗೆ ಮನವಿ ಮಾಡಿದ್ದೇನೆ. ರಾಹುಲ್ ಗಾಂಧಿ ಹಾಗೂ ಖರ್ಗೆ ಅವರನ್ನು ಕರೆದು ಸಮಾವೇಶ ಮಾಡುತ್ತೇವೆ ಎಂದು ತಿಳಿಸಿದರು.
ಮುಂದಿನ ಅವಧಿಗೂ ಸಿದ್ದು ಸಿಎಂ
ಮಧ್ಯಮವರ್ಗದ ವರ್ಷಗಳ ನಂತರ ಜೋಡಿ ಚಾರಿತ್ರಿಕ ಎಂಬ ಕಾರಣಕ್ಕೆ ವಿಷಯ ಚರ್ಚೆಯಾಗುತ್ತಿದೆ. ಅವಶ್ಯಕತೆ ಇದ್ದರೆ ಹೈಕಮಾಂಡ್ ತೀರ್ಮಾನ ಮಾಡಲಿದೆ ಎಂದರು. ಈ ವರ್ಷ ಕಬ್ಬು ನುರಿಸುವಿಕೆ ಪ್ರಮಾಣ ಕಳೆದ ವರ್ಷಕ್ಕಿಂತ ಕಡಿಮೆ ಇದೆ. ಈ ವರ್ಷ 5 ಲಕ್ಷ ಮೆಟ್ರಿಕ್ ಟನ್ ಕಬ್ಬು ನುರಿಸುವ ನಿರೀಕ್ಷೆಯಿದೆ. ಕೆಲವು ಸಕ್ಕರೆ ಕಾರ್ಖಾನೆಗಳು ಕೇವಲ 80ರಷ್ಟು ಕಬ್ಬಿನ ಬಿಲ್ ಪಾವತಿಸಿವೆ. ಇನ್ನು ಕೆಲವು ಕಾರ್ಖಾನೆಗಳು ಶೇ 75ರವರೆಗೆ ಪಾವತಿಸಿವೆ. ಒಂದು ಲಕ್ಷ ಮೆಟ್ರಿಕ್ ಟನ್ ಕಬ್ಬು ನುರಿಸಲು 60ರಷ್ಟು ಪಾವತಿಸಿವೆ. ರೈತರ ಎಲ್ಲಾ ಬಾಕಿ ಬಿಲ್ ಪಾವತಿಯಾಗಲಿದೆ ಎಂದು ತಿಳಿಸಿದರು.
ಲಸದಿಂದ ವಜಾ ಖಂಡಿಸಿ ಚಿಮಿಣಿ ಏರಿದ ಕಾರ್ಮಿಕ
ಸಂಸ್ಥೆಗೆ 40 ವರ್ಷಗಳ ಅವಧಿಗೆ ಸರ್ಕಾರ ಗುತ್ತಿಗೆ ನೀಡಿದೆ. ಗುತ್ತಿಗೆ ಕರಾರು ವೇಳೆ ಎಲ್ಲಾ ನೌಕರರನ್ನು ಮುಂದುವರಿಸುವುದಾಗಿ ಸೂಚಿಸಲಾಗಿತ್ತು. ನಿಯಮ ಪಾಲಿಸುವಲ್ಲಿ ಕಾರ್ಖಾನೆ ಆಡಳಿತ ಮಂಡಳಿ ವಿಫಲವಾಗಿದೆ. ತಾತ್ಕಾಲಿಕ ನೌಕರರನ್ನು ನಿರ್ಲಕ್ಷಿಸಿ ಹೊರ ರಾಜ್ಯದ ಕಾರ್ಮಿಕರನ್ನು ನೇಮಿಸಿಕೊಳ್ಳಲಾಗುತ್ತಿದೆ ಎಂದು ಕಾರ್ಮಿಕರು ಆರೋಪಿಸಿದ್ದಾರೆ. ಕಳೆದ ಹಲವಾರು ವರ್ಷಗಳಿಂದ ಕಾರ್ಖಾನೆಯಲ್ಲಿ ಕೆಲಸ ಮಾಡುತ್ತಿದ್ದ 45 ಜನ ನೌಕರರನ್ನು ಏಕಾಏಕಿ ಕೆಲಸದಿಂದ ವಜಾಗೊಳಿಸಿದೆ. ಅವರಿಂದ ಕಾರ್ಖಾನೆ ಉದ್ಯೋಗ ನಂಬಿ ಬದುಕು ಸಾಗಿಸುತ್ತಿದ್ದ ಕುಟುಂಬಗಳು ಬೀದಿಗೆ ಬಿದ್ದಂತಾಗಿದೆ.
ಕಾರ್ಖಾನೆ ಆಡಳಿತ ಮಂಡಳಿ ನಿರ್ಧಾರ ವಿರುದ್ಧ ಕಳೆದ ಒಂದೂವರೆ ತಿಂಗಳಿನಿಂದ ವಜಾಗೊಂಡ ನೌಕರರು ಕಾರ್ಖಾನೆ ಆವರಣದಲ್ಲೇ ಉಪವಾಸ ಸತ್ಯಾಗ್ರಹ ನಡೆಸುತ್ತಿದ್ದಾರೆ. ಪ್ರತಿಭಟನಾನಿರತ ನೌಕರರ ಸಂಕಷ್ಟಕ್ಕೆ ಸ್ಪಂದಿಸದ ಆಡಳಿತ ಮಂಡಳಿ ವಿರುದ್ಧ ಅಸಮಾಧಾನಗೊಂಡ ರಾಮಕೃಷ್ಣ ಎಂಬುವವರು ಬೆಳಿಗ್ಗೆ ಕಾರ್ಖಾನೆಯ ಚಿಮಿಣಿ ಏರಿದ್ದಾರೆ. ಮತ್ತೆ ಕೆಲಸಕ್ಕೆ ಪಡೆಯುವವರೆಗೂ ಕೆಳಗೆ ಇಳಿಯಲ್ಲ ಎಂದು ಪಟ್ಟು ಹಿಡಿದಿದ್ದಾರೆ. ತಹಶೀಲ್ದಾರ್ ಸಂತೋಷ್ ಕುಮಾರ್ ಆಡಳಿತ ಮಂಡಳಿ ಮತ್ತು ವಜಾಗೊಂಡ ನೌಕರರ ಜೊತೆ ಸಭೆ ನಡೆಸಿದರು. ಕೋರ್ಟ್ ಆದೇಶ ಉಲ್ಲಂಘಿಸಿ ನೌಕರರನ್ನು ಕೆಲಸದಿಂದ ತೆಗೆದಿರುವ ಬಗ್ಗೆ ಆಡಳಿತ ಮಂಡಳಿಯನ್ನು ತಹಶೀಲ್ದಾರ್ ಮತ್ತು ಸ್ಥಳೀಯ ಮುಖಂಡರು ತರಾಟೆಗೆ ತೆಗೆದುಕೊಂಡರು. 15 ಗಂಟೆಗಳ ಪ್ರಯತ್ನದ ಬಳಿಕ ಕಾರ್ಮಿಕ ಚಿಮಿಣಿಯಿಂದ ಕೆಳಗಿಳಿದಿದ್ದಾರೆ.
ವಿವಿ ಮುಚ್ಚುವುದು ಅಕ್ಷಮ್ಯ: ಕೇಂದ್ರ ಸಚಿವ ಜೋಶಿ ವಾಗ್ದಾಳಿ
ಎಂಬ ಕಾರಣ ನೀಡಿದ ಕಾಂಗ್ರೆಸ್ ಸರ್ಕಾರ ವಿವಿ ಮುಚ್ಚುವುದನ್ನು ಖಂಡಿಸಿದರು. ಸರ್ಕಾರ ಆರ್ಥಿಕ ಸಂಕಷ್ಟದಲ್ಲಿದೆ. ಹೀಗಾಗಿ ಇಂಥ ಕ್ರಮಕ್ಕೆ ಮುಂದಾಗುತ್ತಿದೆ ಎಂದು ಟೀಕಿಸಿದರು. ಉಪಮುಖ್ಯಮಂತ್ರಿ ಡಿ.ಕೆ.ಶಿವಕುಮಾರ್ ಅವರು ವಿಶ್ವವಿದ್ಯಾಲಯಗಳ ಆರ್ಥಿಕ ಸ್ಥಿತಿಯ ಕುರಿತು ಪರಿಶೀಲನಾ ಸಭೆ ನಡೆಸಿದ ನಂತರ ಹೊಸ ವಿವಿಗಳನ್ನು ಮುಚ್ಚುವ ನಿರ್ಧಾರ ತೆಗೆದುಕೊಳ್ಳಲಾಗಿದೆ. ಇದು ಶಿಕ್ಷಣ ವಿರೋಧಿ ನೀತಿ ಎಂದು ಕೇಂದ್ರ ಸಚಿವ ಜೋಶಿ ವಾಗ್ದಾಳಿ ನಡೆಸಿದರು.
ಎಚ್‌ಡಿಕೆ ಜಮೀನು ಸರ್ವೆ
110 ಎಕರೆ ಹೆಚ್ಚು ಜಮೀನನ್ನು ಸರ್ವೆ ನಡೆಸಿದರು. ಎಚ್.ಡಿ.ಕುಮಾರಸ್ವಾಮಿ 14 ಎಕರೆ ಸರ್ಕಾರಿ ಜಮೀನನ್ನು ಒತ್ತುವರಿ ಮಾಡಿಕೊಂಡಿದ್ದಾರೆಂದು ಆರೋಪಿಸಿ ಸಮಾಜ ಪರಿವರ್ತನಾ ಸಮುದಾಯ ಸಂಸ್ಥೆ ಹೋರಾಟ ನಡೆಸುತ್ತಿದೆ. ಈ ಸಂಬಂಧ ಲೋಕಾಯುಕ್ತ ಕೋರ್ಟ್ ಗೆ ದೂರು ನೀಡಿದ್ದರು. ಕೋರ್ಟ್ ಸೂಚನೆ ಮೇರೆಗೆ ಜಿಲ್ಲಾಡಳಿತದ ನೇತೃತ್ವದಲ್ಲಿ ಸರ್ವೆ ಕಾರ್ಯ ನಡೆಸಲಾಗುತ್ತಿದೆ. ಜಮೀನು ಸರ್ವೆ ಮಾಡಿ ಕೋರ್ಟ್ ಗೆ ವರದಿ ಸಲ್ಲಿಸಲಾಗುತ್ತದೆ ಎಂದು ಜಿಲ್ಲಾಧಿಕಾರಿ ತಿಳಿಸಿದ್ದಾರೆ.
